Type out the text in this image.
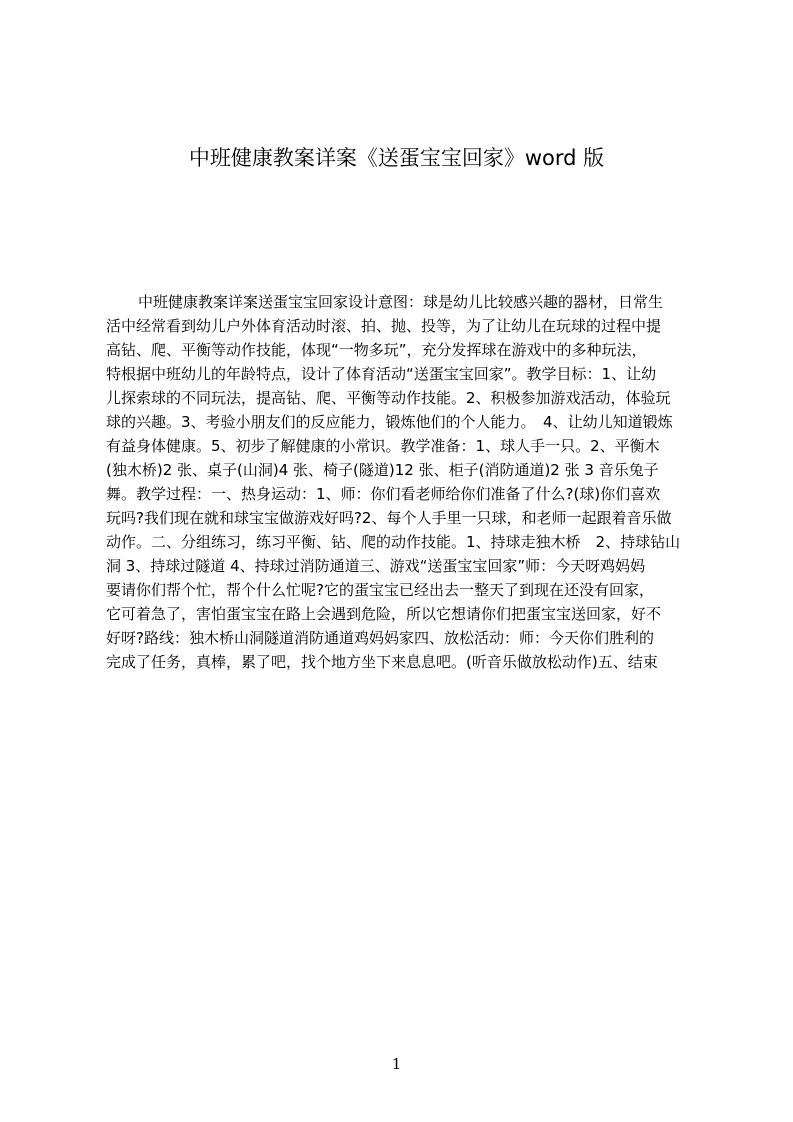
中班健康教案详案《送蛋宝宝回家》word 版
中班健康教案详案送蛋宝宝回家设计意图：球是幼儿比较感兴趣的器材，日常生
活中经常看到幼儿户外体育活动时滚、拍、抛、投等，为了让幼儿在玩球的过程中提
高钻、爬、平衡等动作技能，体现“一物多玩”，充分发挥球在游戏中的多种玩法，
特根据中班幼儿的年龄特点，设计了体育活动“送蛋宝宝回家”。教学目标：1、让幼
儿探索球的不同玩法，提高钻、爬、平衡等动作技能。2、积极参加游戏活动，体验玩
球的兴趣。3、考验小朋友们的反应能力，锻炼他们的个人能力。　4、让幼儿知道锻炼
有益身体健康。5、初步了解健康的小常识。教学准备：1、球人手一只。2、平衡木
(独木桥)2 张、桌子(山洞)4 张、椅子(隧道)12 张、柜子(消防通道)2 张 3 音乐兔子
舞。教学过程：一、热身运动：1、师：你们看老师给你们准备了什么?(球)你们喜欢
玩吗?我们现在就和球宝宝做游戏好吗?2、每个人手里一只球，和老师一起跟着音乐做
动作。二、分组练习，练习平衡、钻、爬的动作技能。1、持球走独木桥　2、持球钻山
洞 3、持球过隧道 4、持球过消防通道三、游戏“送蛋宝宝回家”师：今天呀鸡妈妈
要请你们帮个忙，帮个什么忙呢?它的蛋宝宝已经出去一整天了到现在还没有回家，
它可着急了，害怕蛋宝宝在路上会遇到危险，所以它想请你们把蛋宝宝送回家，好不
好呀?路线：独木桥山洞隧道消防通道鸡妈妈家四、放松活动：师：今天你们胜利的
完成了任务，真棒，累了吧，找个地方坐下来息息吧。(听音乐做放松动作)五、结束
1
